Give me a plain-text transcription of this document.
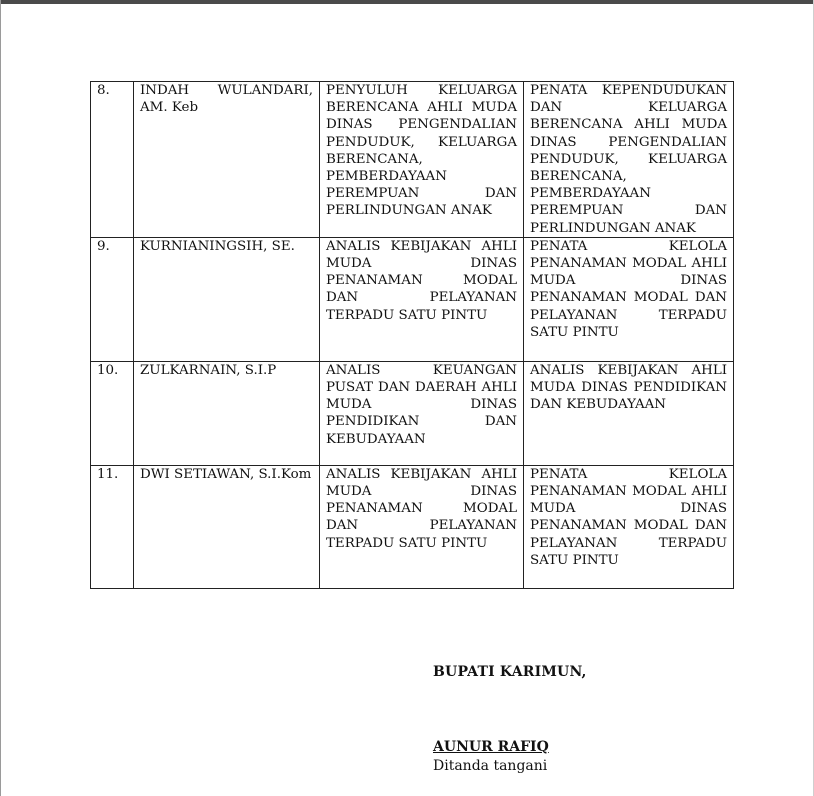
8.	INDAH WULANDARI, AM. Keb	PENYULUH KELUARGA BERENCANA AHLI MUDA DINAS PENGENDALIAN PENDUDUK, KELUARGA BERENCANA, PEMBERDAYAAN PEREMPUAN DAN PERLINDUNGAN ANAK	PENATA KEPENDUDUKAN DAN KELUARGA BERENCANA AHLI MUDA DINAS PENGENDALIAN PENDUDUK, KELUARGA BERENCANA, PEMBERDAYAAN PEREMPUAN DAN PERLINDUNGAN ANAK
9.	KURNIANINGSIH, SE.	ANALIS KEBIJAKAN AHLI MUDA DINAS PENANAMAN MODAL DAN PELAYANAN TERPADU SATU PINTU	PENATA KELOLA PENANAMAN MODAL AHLI MUDA DINAS PENANAMAN MODAL DAN PELAYANAN TERPADU SATU PINTU
10.	ZULKARNAIN, S.I.P	ANALIS KEUANGAN PUSAT DAN DAERAH AHLI MUDA DINAS PENDIDIKAN DAN KEBUDAYAAN	ANALIS KEBIJAKAN AHLI MUDA DINAS PENDIDIKAN DAN KEBUDAYAAN
11.	DWI SETIAWAN, S.I.Kom	ANALIS KEBIJAKAN AHLI MUDA DINAS PENANAMAN MODAL DAN PELAYANAN TERPADU SATU PINTU	PENATA KELOLA PENANAMAN MODAL AHLI MUDA DINAS PENANAMAN MODAL DAN PELAYANAN TERPADU SATU PINTU
BUPATI KARIMUN,
AUNUR RAFIQ
Ditanda tangani
